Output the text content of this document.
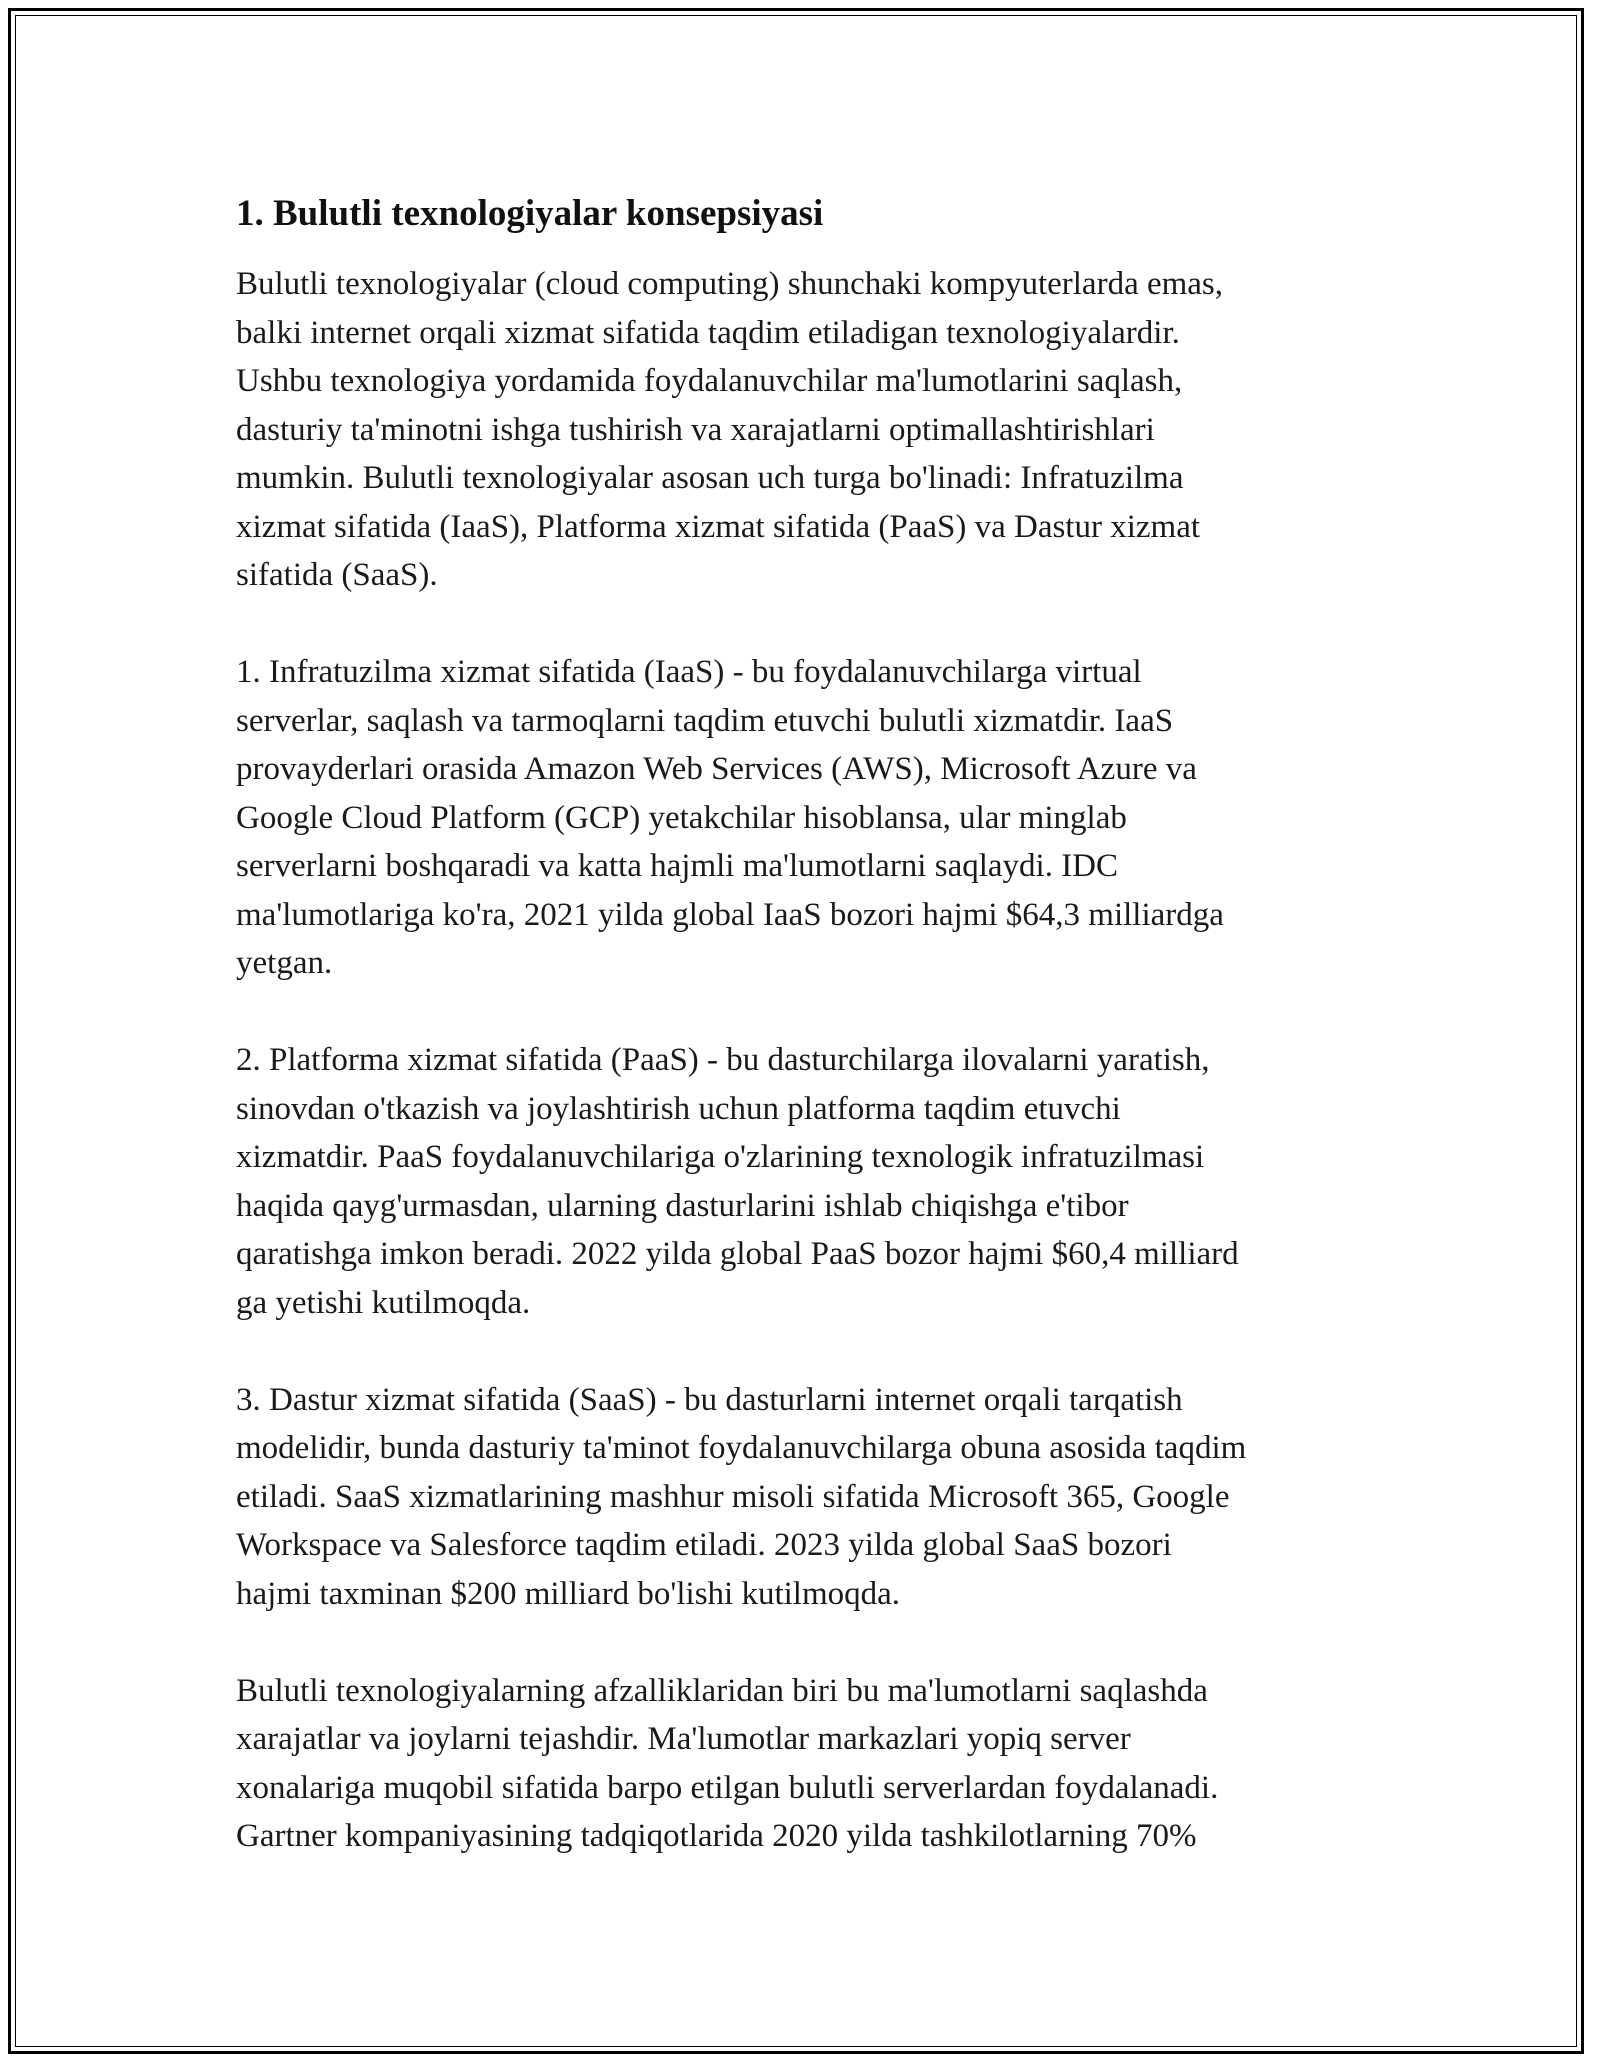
1. Bulutli texnologiyalar konsepsiyasi

Bulutli texnologiyalar (cloud computing) shunchaki kompyuterlarda emas,
balki internet orqali xizmat sifatida taqdim etiladigan texnologiyalardir.
Ushbu texnologiya yordamida foydalanuvchilar ma'lumotlarini saqlash,
dasturiy ta'minotni ishga tushirish va xarajatlarni optimallashtirishlari
mumkin. Bulutli texnologiyalar asosan uch turga bo'linadi: Infratuzilma
xizmat sifatida (IaaS), Platforma xizmat sifatida (PaaS) va Dastur xizmat
sifatida (SaaS).

1. Infratuzilma xizmat sifatida (IaaS) - bu foydalanuvchilarga virtual
serverlar, saqlash va tarmoqlarni taqdim etuvchi bulutli xizmatdir. IaaS
provayderlari orasida Amazon Web Services (AWS), Microsoft Azure va
Google Cloud Platform (GCP) yetakchilar hisoblansa, ular minglab
serverlarni boshqaradi va katta hajmli ma'lumotlarni saqlaydi. IDC
ma'lumotlariga ko'ra, 2021 yilda global IaaS bozori hajmi $64,3 milliardga
yetgan.

2. Platforma xizmat sifatida (PaaS) - bu dasturchilarga ilovalarni yaratish,
sinovdan o'tkazish va joylashtirish uchun platforma taqdim etuvchi
xizmatdir. PaaS foydalanuvchilariga o'zlarining texnologik infratuzilmasi
haqida qayg'urmasdan, ularning dasturlarini ishlab chiqishga e'tibor
qaratishga imkon beradi. 2022 yilda global PaaS bozor hajmi $60,4 milliard
ga yetishi kutilmoqda.

3. Dastur xizmat sifatida (SaaS) - bu dasturlarni internet orqali tarqatish
modelidir, bunda dasturiy ta'minot foydalanuvchilarga obuna asosida taqdim
etiladi. SaaS xizmatlarining mashhur misoli sifatida Microsoft 365, Google
Workspace va Salesforce taqdim etiladi. 2023 yilda global SaaS bozori
hajmi taxminan $200 milliard bo'lishi kutilmoqda.

Bulutli texnologiyalarning afzalliklaridan biri bu ma'lumotlarni saqlashda
xarajatlar va joylarni tejashdir. Ma'lumotlar markazlari yopiq server
xonalariga muqobil sifatida barpo etilgan bulutli serverlardan foydalanadi.
Gartner kompaniyasining tadqiqotlarida 2020 yilda tashkilotlarning 70%
